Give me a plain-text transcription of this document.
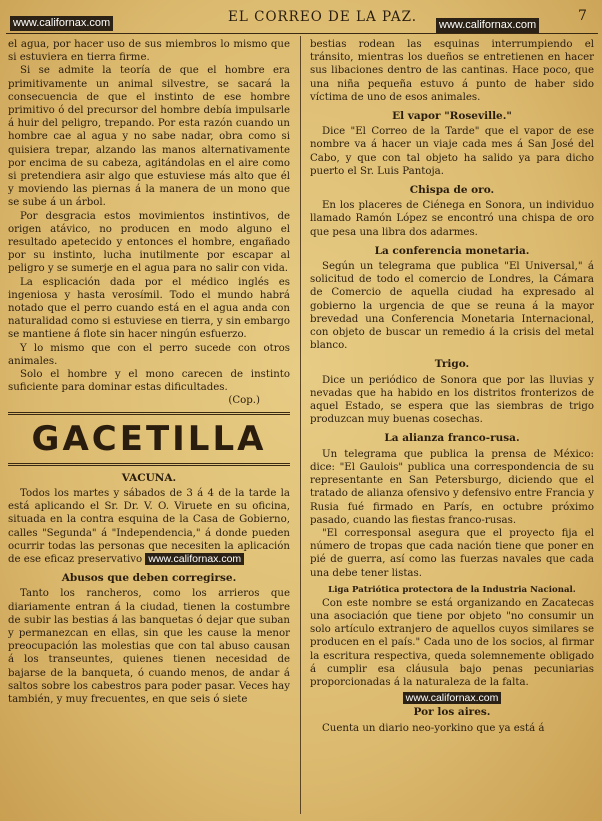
www.californax.com	EL CORREO DE LA PAZ. www.californax.com
7

el agua, por hacer uso de sus miembros lo mismo que si estuviera en tierra firme.

Si se admite la teoría de que el hombre era primitivamente un animal silvestre, se sacará la consecuencia de que el instinto de ese hombre primitivo ó del precursor del hombre debía impulsarle á huir del peligro, trepando. Por esta razón cuando un hombre cae al agua y no sabe nadar, obra como si quisiera trepar, alzando las manos alternativamente por encima de su cabeza, agitándolas en el aire como si pretendiera asir algo que estuviese más alto que él y moviendo las piernas á la manera de un mono que se sube á un árbol.

Por desgracia estos movimientos instintivos, de origen atávico, no producen en modo alguno el resultado apetecido y entonces el hombre, engañado por su instinto, lucha inutilmente por escapar al peligro y se sumerje en el agua para no salir con vida.

La esplicación dada por el médico inglés es ingeniosa y hasta verosímil. Todo el mundo habrá notado que el perro cuando está en el agua anda con naturalidad como si estuviese en tierra, y sin embargo se mantiene á flote sin hacer ningún esfuerzo.

Y lo mismo que con el perro sucede con otros animales.

Solo el hombre y el mono carecen de instinto suficiente para dominar estas dificultades.

(Cop.)

GACETILLA
VACUNA.

Todos los martes y sábados de 3 á 4 de la tarde la está aplicando el Sr. Dr. V. O. Viruete en su oficina, situada en la contra esquina de la Casa de Gobierno, calles "Segunda" á "Independencia," á donde pueden ocurrir todas las personas que necesiten la aplicación de ese eficaz preservativo www.californax.com

Abusos que deben corregirse.

Tanto los rancheros, como los arrieros que diariamente entran á la ciudad, tienen la costumbre de subir las bestias á las banquetas ó dejar que suban y permanezcan en ellas, sin que les cause la menor preocupación las molestias que con tal abuso causan á los transeuntes, quienes tienen necesidad de bajarse de la banqueta, ó cuando menos, de andar á saltos sobre los cabestros para poder pasar. Veces hay también, y muy frecuentes, en que seis ó siete

bestias rodean las esquinas interrumpiendo el tránsito, mientras los dueños se entretienen en hacer sus libaciones dentro de las cantinas. Hace poco, que una niña pequeña estuvo á punto de haber sido víctima de uno de esos animales.

El vapor "Roseville."

Dice "El Correo de la Tarde" que el vapor de ese nombre va á hacer un viaje cada mes á San José del Cabo, y que con tal objeto ha salido ya para dicho puerto el Sr. Luis Pantoja.

Chispa de oro.

En los placeres de Ciénega en Sonora, un individuo llamado Ramón López se encontró una chispa de oro que pesa una libra dos adarmes.

La conferencia monetaria.

Según un telegrama que publica "El Universal," á solicitud de todo el comercio de Londres, la Cámara de Comercio de aquella ciudad ha expresado al gobierno la urgencia de que se reuna á la mayor brevedad una Conferencia Monetaria Internacional, con objeto de buscar un remedio á la crisis del metal blanco.

Trigo.

Dice un periódico de Sonora que por las lluvias y nevadas que ha habido en los distritos fronterizos de aquel Estado, se espera que las siembras de trigo produzcan muy buenas cosechas.

La alianza franco-rusa.

Un telegrama que publica la prensa de México: dice: "El Gaulois" publica una correspondencia de su representante en San Petersburgo, diciendo que el tratado de alianza ofensivo y defensivo entre Francia y Rusia fué firmado en París, en octubre próximo pasado, cuando las fiestas franco-rusas.

"El corresponsal asegura que el proyecto fija el número de tropas que cada nación tiene que poner en pié de guerra, así como las fuerzas navales que cada una debe tener listas.

Liga Patriótica protectora de la Industria Nacional.

Con este nombre se está organizando en Zacatecas una asociación que tiene por objeto "no consumir un solo artículo extranjero de aquellos cuyos similares se producen en el país." Cada uno de los socios, al firmar la escritura respectiva, queda solemnemente obligado á cumplir esa cláusula bajo penas pecuniarias proporcionadas á la naturaleza de la falta.

www.californax.com
Por los aires.

Cuenta un diario neo-yorkino que ya está á
